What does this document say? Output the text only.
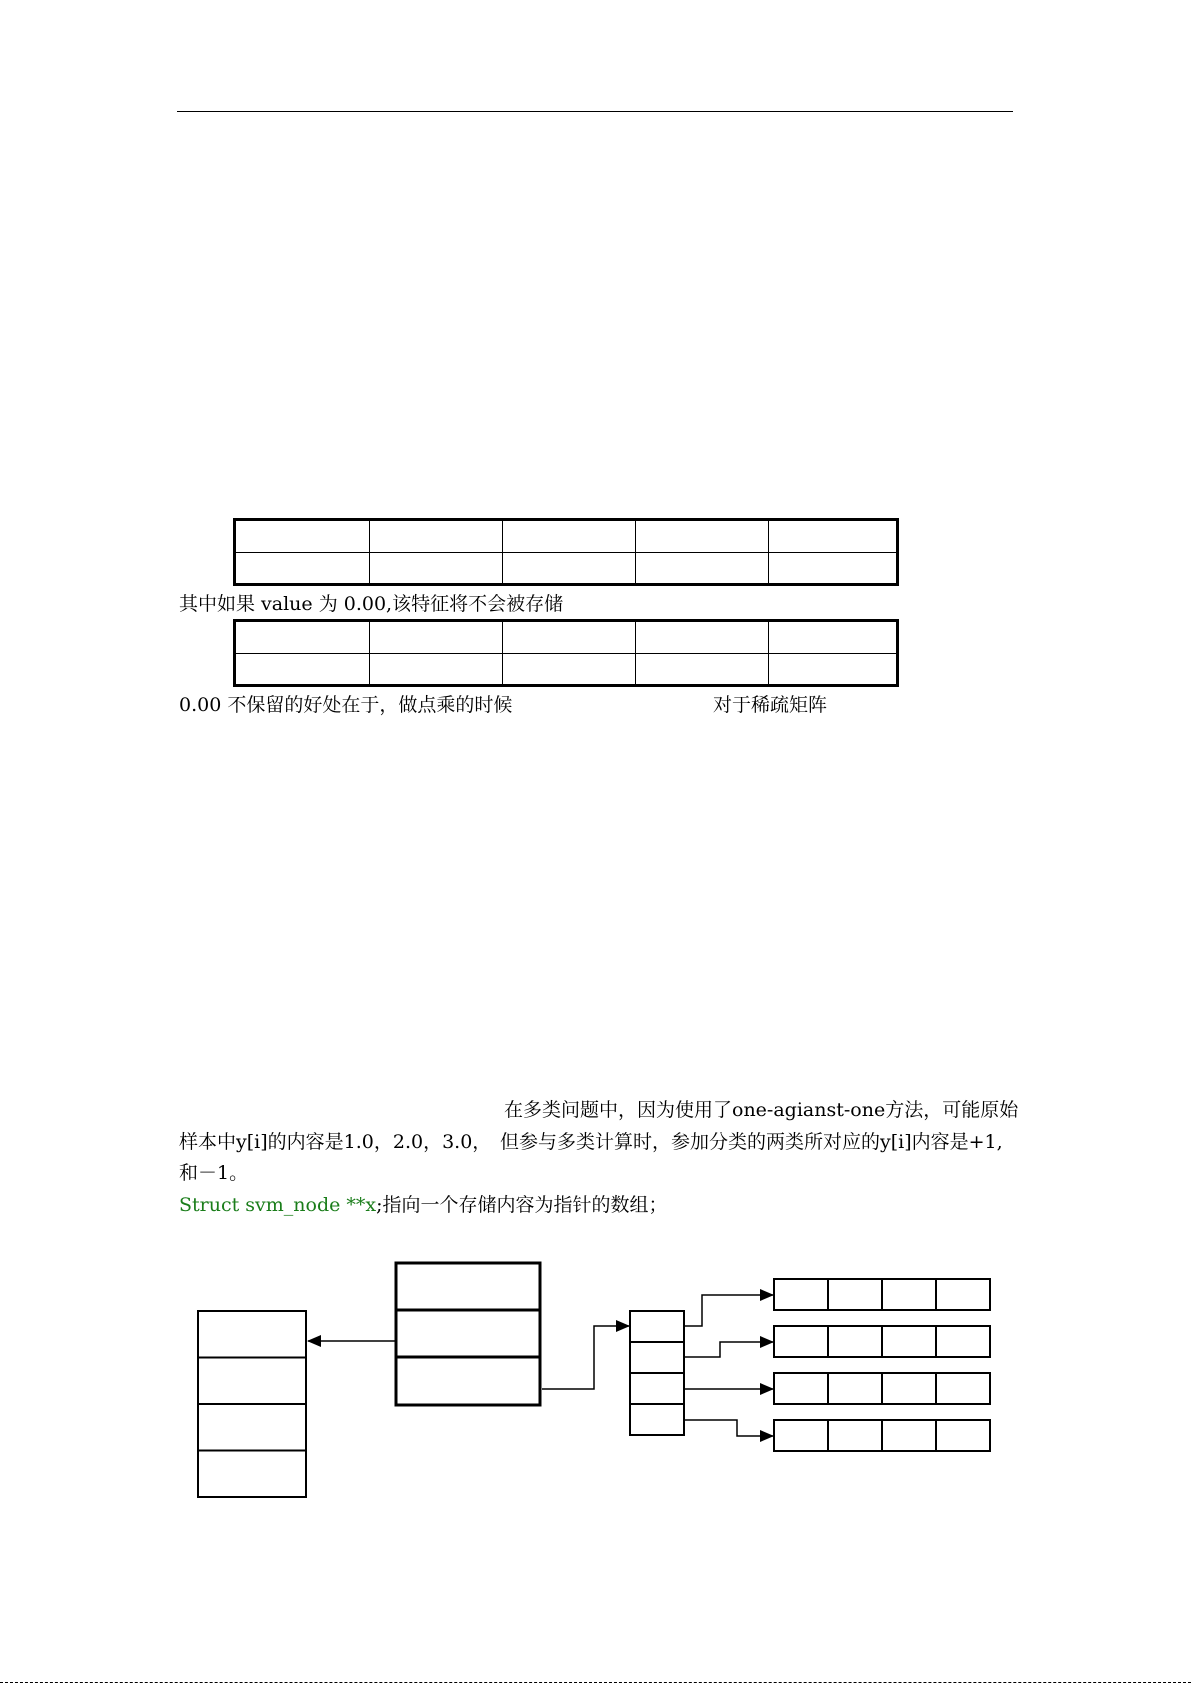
其中如果 value 为 0.00,该特征将不会被存储
0.00 不保留的好处在于，做点乘的时候	对于稀疏矩阵
在多类问题中，因为使用了one-agianst-one方法，可能原始
样本中y[i]的内容是1.0，2.0，3.0， 但参与多类计算时，参加分类的两类所对应的y[i]内容是+1,
和－1。
Struct svm_node **x;指向一个存储内容为指针的数组；
